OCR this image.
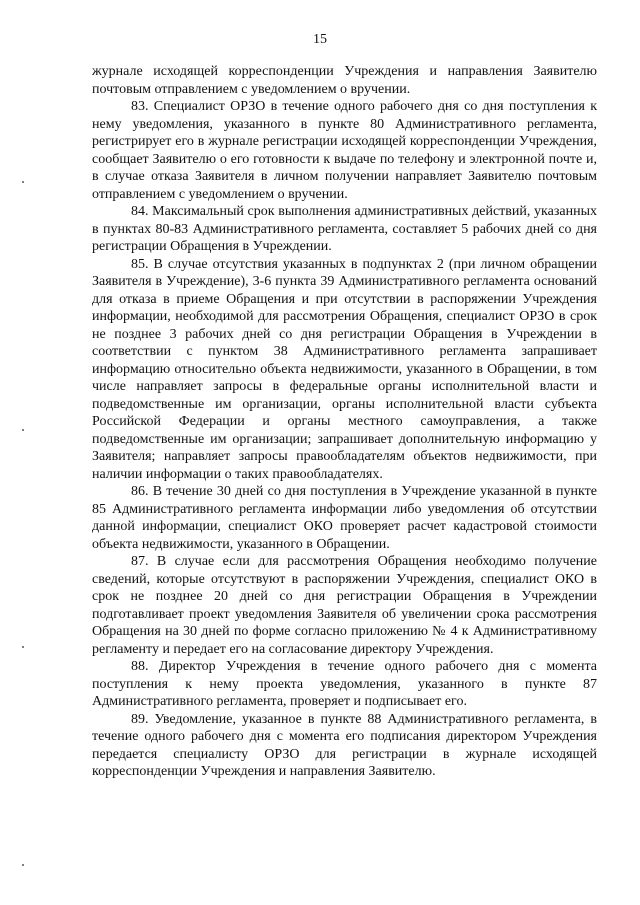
15

журнале исходящей корреспонденции Учреждения и направления Заявителю почтовым отправлением с уведомлением о вручении.

83. Специалист ОРЗО в течение одного рабочего дня со дня поступления к нему уведомления, указанного в пункте 80 Административного регламента, регистрирует его в журнале регистрации исходящей корреспонденции Учреждения, сообщает Заявителю о его готовности к выдаче по телефону и электронной почте и, в случае отказа Заявителя в личном получении направляет Заявителю почтовым отправлением с уведомлением о вручении.

84. Максимальный срок выполнения административных действий, указанных в пунктах 80-83 Административного регламента, составляет 5 рабочих дней со дня регистрации Обращения в Учреждении.

85. В случае отсутствия указанных в подпунктах 2 (при личном обращении Заявителя в Учреждение), 3-6 пункта 39 Административного регламента оснований для отказа в приеме Обращения и при отсутствии в распоряжении Учреждения информации, необходимой для рассмотрения Обращения, специалист ОРЗО в срок не позднее 3 рабочих дней со дня регистрации Обращения в Учреждении в соответствии с пунктом 38 Административного регламента запрашивает информацию относительно объекта недвижимости, указанного в Обращении, в том числе направляет запросы в федеральные органы исполнительной власти и подведомственные им организации, органы исполнительной власти субъекта Российской Федерации и органы местного самоуправления, а также подведомственные им организации; запрашивает дополнительную информацию у Заявителя; направляет запросы правообладателям объектов недвижимости, при наличии информации о таких правообладателях.

86. В течение 30 дней со дня поступления в Учреждение указанной в пункте 85 Административного регламента информации либо уведомления об отсутствии данной информации, специалист ОКО проверяет расчет кадастровой стоимости объекта недвижимости, указанного в Обращении.

87. В случае если для рассмотрения Обращения необходимо получение сведений, которые отсутствуют в распоряжении Учреждения, специалист ОКО в срок не позднее 20 дней со дня регистрации Обращения в Учреждении подготавливает проект уведомления Заявителя об увеличении срока рассмотрения Обращения на 30 дней по форме согласно приложению № 4 к Административному регламенту и передает его на согласование директору Учреждения.

88. Директор Учреждения в течение одного рабочего дня с момента поступления к нему проекта уведомления, указанного в пункте 87 Административного регламента, проверяет и подписывает его.

89. Уведомление, указанное в пункте 88 Административного регламента, в течение одного рабочего дня с момента его подписания директором Учреждения передается специалисту ОРЗО для регистрации в журнале исходящей корреспонденции Учреждения и направления Заявителю.
